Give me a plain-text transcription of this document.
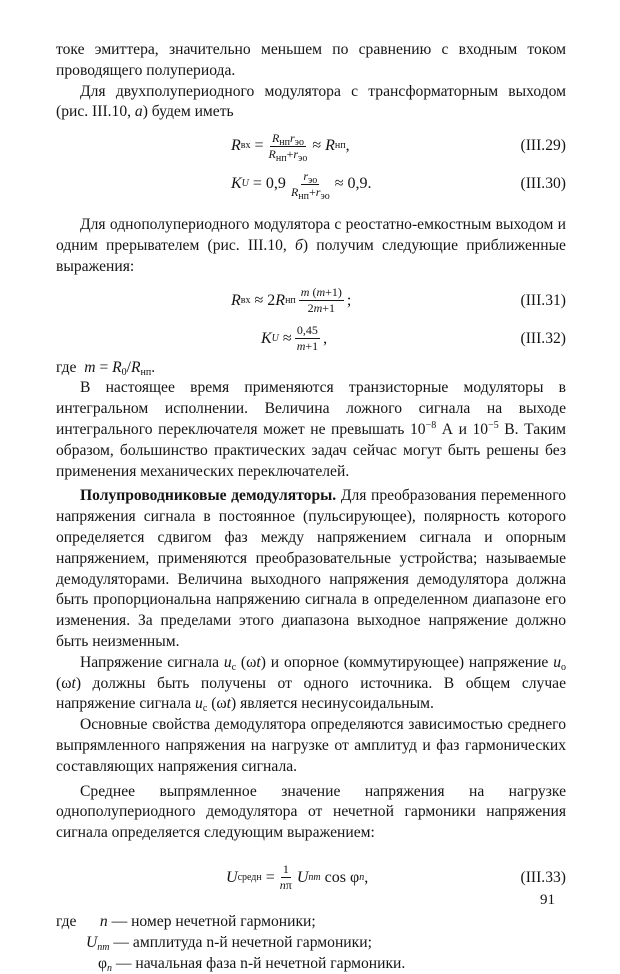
токе эмиттера, значительно меньшем по сравнению с входным током проводящего полупериода.

Для двухполупериодного модулятора с трансформаторным выходом (рис. III.10, а) будем иметь

R вх = $\frac{R_{нп}r_{эо}}{R_{нп}+r_{эо}} \approx R$ нп ,	(III.29)
K $U = 0,9 \frac{r_{эо}}{R_{нп}+r_{эо}} \approx 0,9$.	(III.30)

Для однополупериодного модулятора с реостатно-емкостным выходом и одним прерывателем (рис. III.10, б) получим следующие приближенные выражения:

R вх ≈ 2 R нп $\frac{m (m+1)}{2m+1}$ ;	(III.31)
K $U \approx \frac{0,45}{m+1}$ ,	(III.32)

где  $m = R_0/R_{нп}$.

В настоящее время применяются транзисторные модуляторы в интегральном исполнении. Величина ложного сигнала на выходе интегрального переключателя может не превышать $10^{-8}$ А и $10^{-5}$ В. Таким образом, большинство практических задач сейчас могут быть решены без применения механических переключателей.

Полупроводниковые демодуляторы. Для преобразования переменного напряжения сигнала в постоянное (пульсирующее), полярность которого определяется сдвигом фаз между напряжением сигнала и опорным напряжением, применяются преобразовательные устройства; называемые демодуляторами. Величина выходного напряжения демодулятора должна быть пропорциональна напряжению сигнала в определенном диапазоне его изменения. За пределами этого диапазона выходное напряжение должно быть неизменным.

Напряжение сигнала $u_с$ (ωt) и опорное (коммутирующее) напряжение $u_о$ (ωt) должны быть получены от одного источника. В общем случае напряжение сигнала $u_с$ (ωt) является несинусоидальным.

Основные свойства демодулятора определяются зависимостью среднего выпрямленного напряжения на нагрузке от амплитуд и фаз гармонических составляющих напряжения сигнала.

Среднее выпрямленное значение напряжения на нагрузке однополупериодного демодулятора от нечетной гармоники напряжения сигнала определяется следующим выражением:

U средн = $\frac{1}{n\pi}$ U nm cos φ n ,	(III.33)
где n — номер нечетной гармоники;
$U_{nm}$ — амплитуда n-й нечетной гармоники;
$\varphi_n$ — начальная фаза n-й нечетной гармоники.
91
